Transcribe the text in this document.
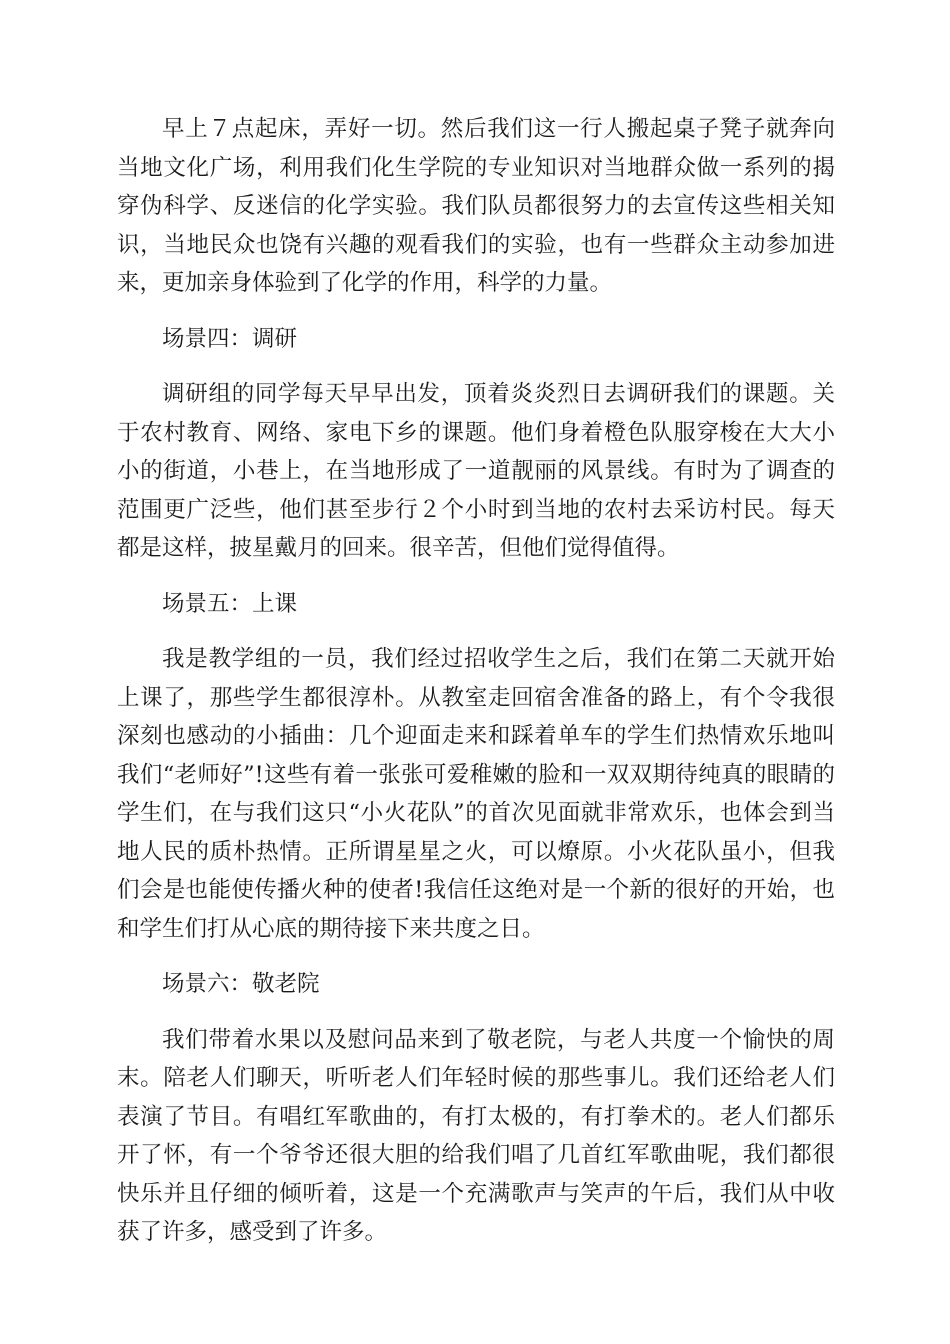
早上７点起床，弄好一切。然后我们这一行人搬起桌子凳子就奔向当地文化广场，利用我们化生学院的专业知识对当地群众做一系列的揭穿伪科学、反迷信的化学实验。我们队员都很努力的去宣传这些相关知识，当地民众也饶有兴趣的观看我们的实验，也有一些群众主动参加进来，更加亲身体验到了化学的作用，科学的力量。

场景四：调研

调研组的同学每天早早出发，顶着炎炎烈日去调研我们的课题。关于农村教育、网络、家电下乡的课题。他们身着橙色队服穿梭在大大小小的街道，小巷上，在当地形成了一道靓丽的风景线。有时为了调查的范围更广泛些，他们甚至步行２个小时到当地的农村去采访村民。每天都是这样，披星戴月的回来。很辛苦，但他们觉得值得。

场景五：上课

我是教学组的一员，我们经过招收学生之后，我们在第二天就开始上课了，那些学生都很淳朴。从教室走回宿舍准备的路上，有个令我很深刻也感动的小插曲：几个迎面走来和踩着单车的学生们热情欢乐地叫我们“老师好”!这些有着一张张可爱稚嫩的脸和一双双期待纯真的眼睛的学生们，在与我们这只“小火花队”的首次见面就非常欢乐，也体会到当地人民的质朴热情。正所谓星星之火，可以燎原。小火花队虽小，但我们会是也能使传播火种的使者!我信任这绝对是一个新的很好的开始，也和学生们打从心底的期待接下来共度之日。

场景六：敬老院

我们带着水果以及慰问品来到了敬老院，与老人共度一个愉快的周末。陪老人们聊天，听听老人们年轻时候的那些事儿。我们还给老人们表演了节目。有唱红军歌曲的，有打太极的，有打拳术的。老人们都乐开了怀，有一个爷爷还很大胆的给我们唱了几首红军歌曲呢，我们都很快乐并且仔细的倾听着，这是一个充满歌声与笑声的午后，我们从中收获了许多，感受到了许多。
